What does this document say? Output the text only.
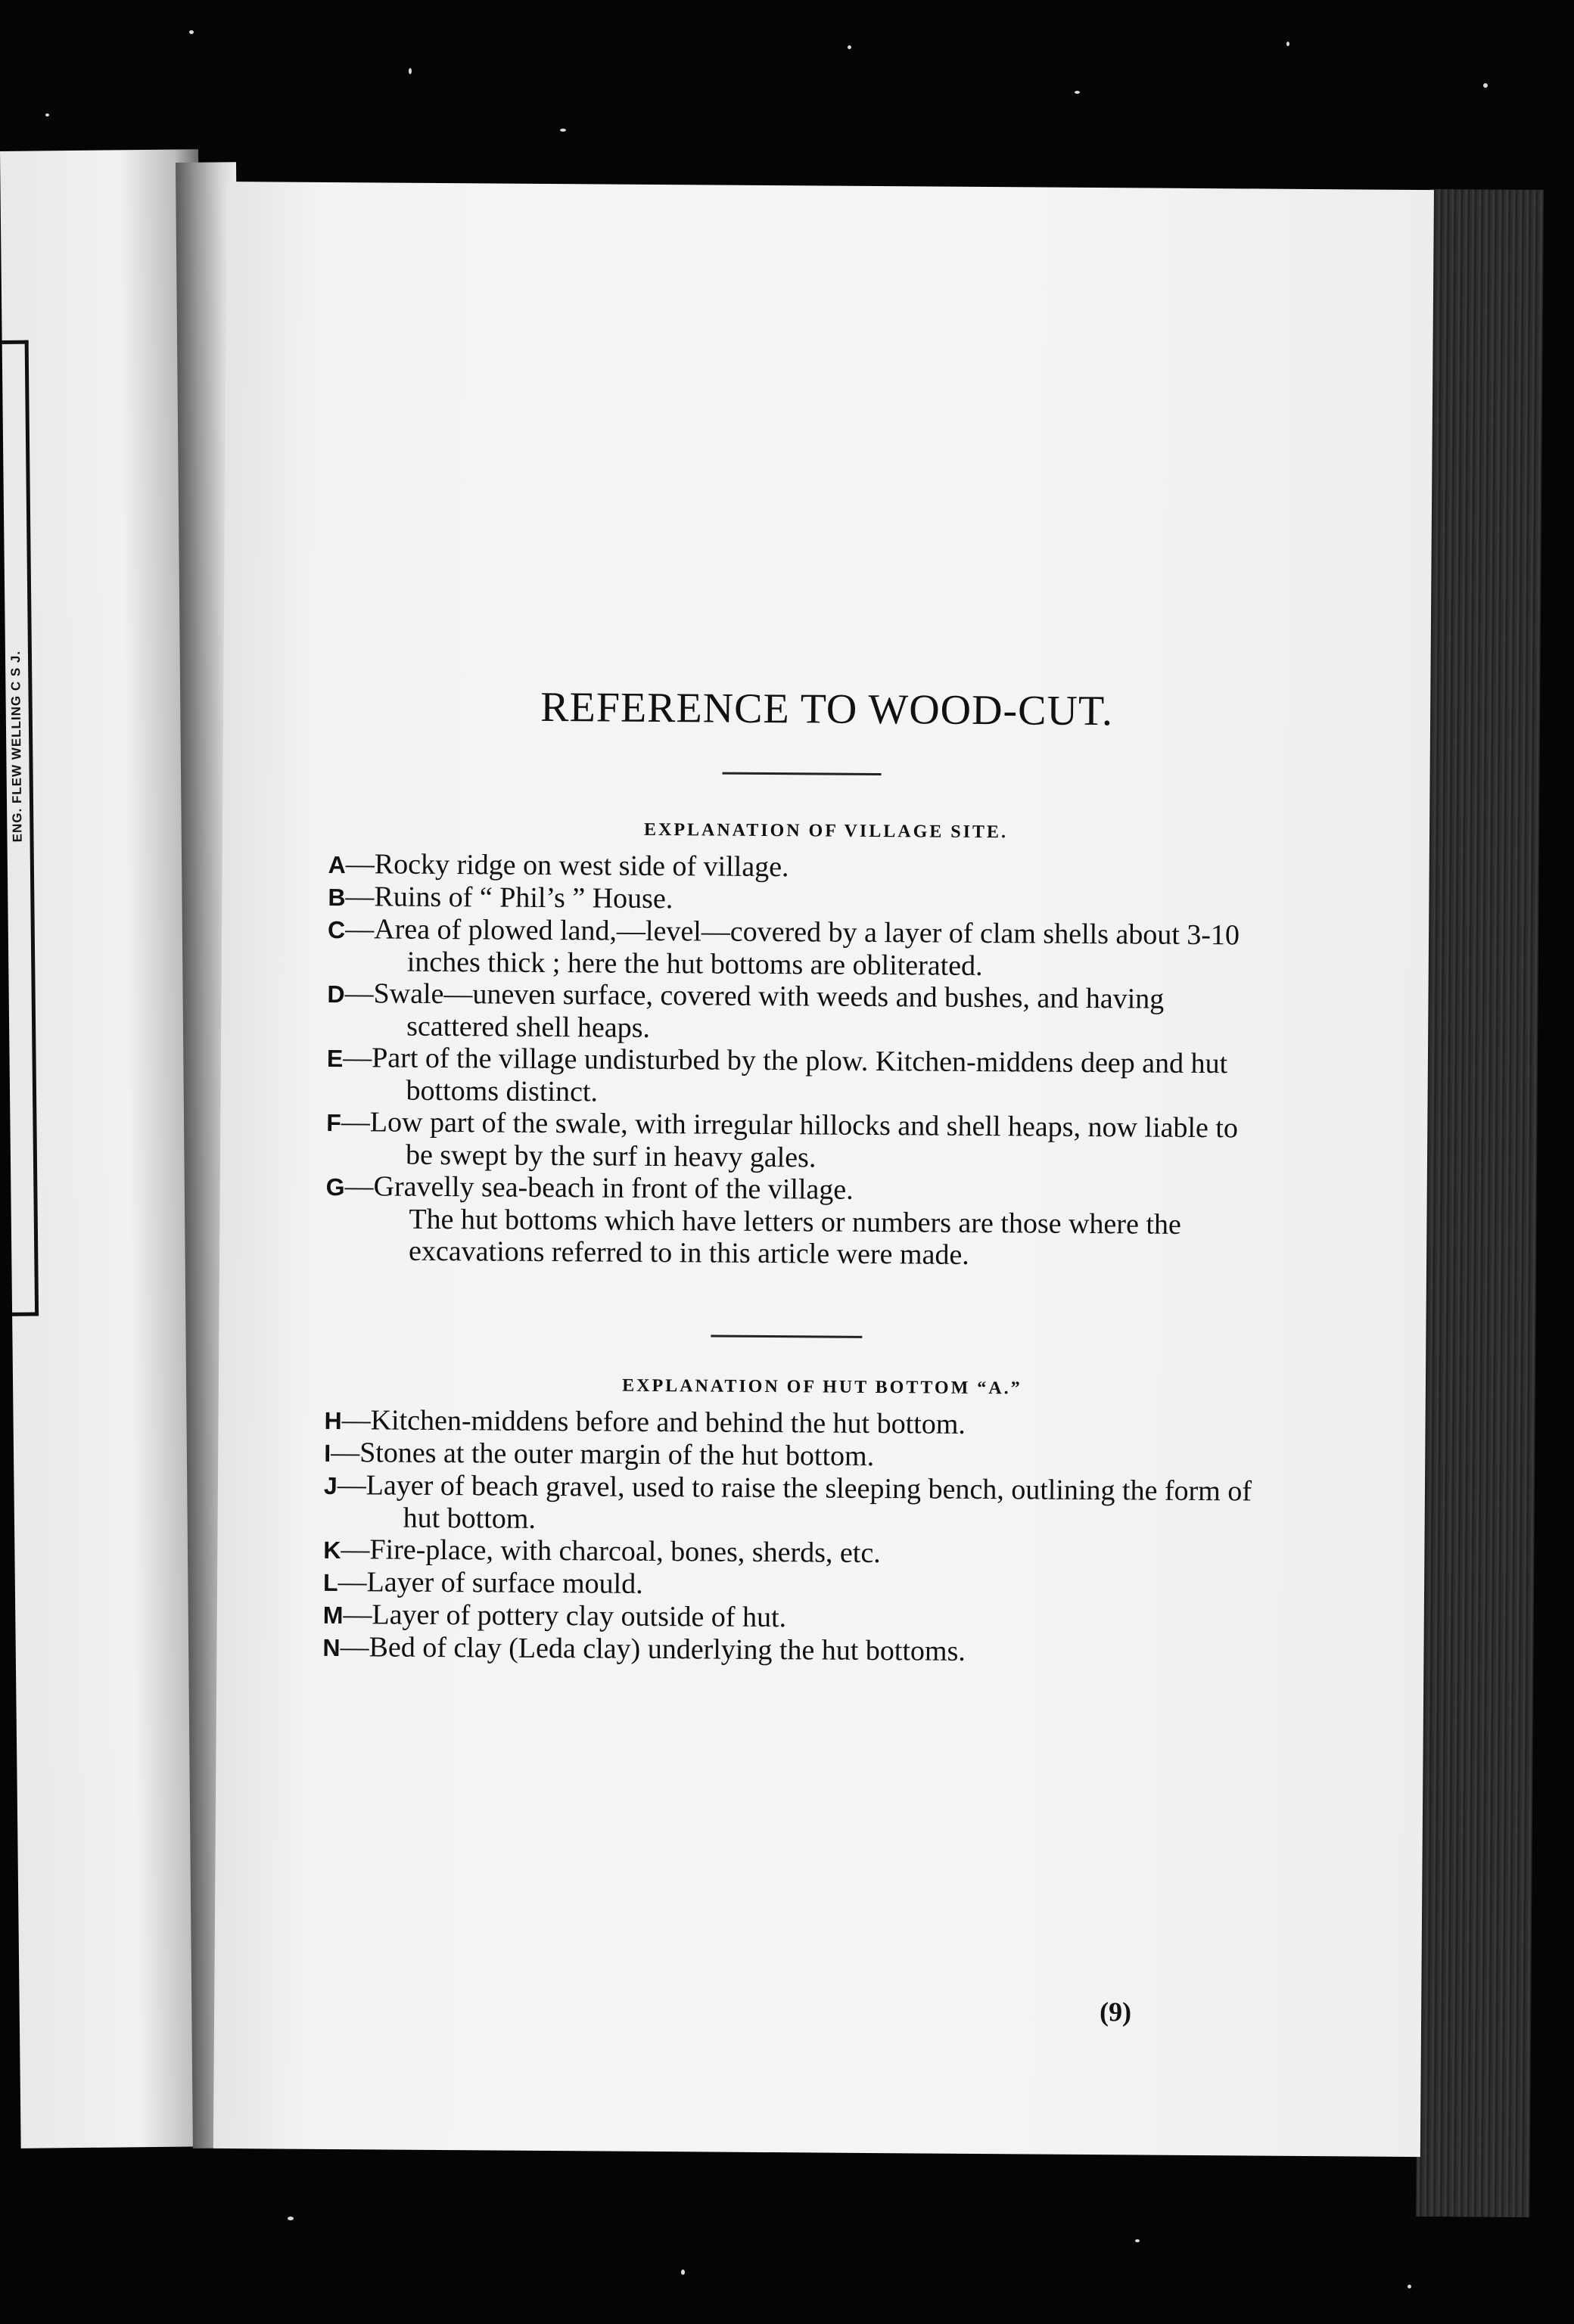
ENG. FLEW WELLING C S J.	REFERENCE TO WOOD-CUT.
EXPLANATION OF VILLAGE SITE.
A—Rocky ridge on west side of village.
B—Ruins of “ Phil’s ” House.
C—Area of plowed land,—level—covered by a layer of clam shells about 3-10 inches thick ; here the hut bottoms are obliterated.
D—Swale—uneven surface, covered with weeds and bushes, and having scattered shell heaps.
E—Part of the village undisturbed by the plow. Kitchen-middens deep and hut bottoms distinct.
F—Low part of the swale, with irregular hillocks and shell heaps, now liable to be swept by the surf in heavy gales.
G—Gravelly sea-beach in front of the village.
The hut bottoms which have letters or numbers are those where the excavations referred to in this article were made.
EXPLANATION OF HUT BOTTOM “A.”
H—Kitchen-middens before and behind the hut bottom.
I—Stones at the outer margin of the hut bottom.
J—Layer of beach gravel, used to raise the sleeping bench, outlining the form of hut bottom.
K—Fire-place, with charcoal, bones, sherds, etc.
L—Layer of surface mould.
M—Layer of pottery clay outside of hut.
N—Bed of clay (Leda clay) underlying the hut bottoms.
(9)
